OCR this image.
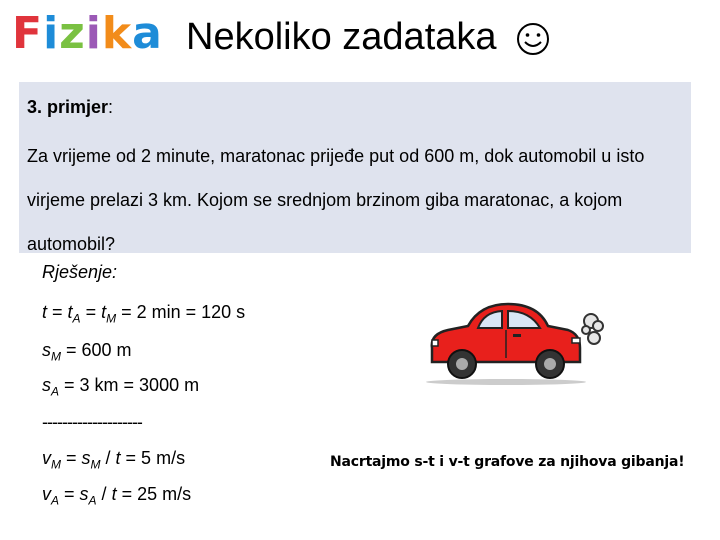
Fizika Nekoliko zadataka
3. primjer:
Za vrijeme od 2 minute, maratonac prijeđe put od 600 m, dok automobil u isto virjeme prelazi 3 km. Kojom se srednjom brzinom giba maratonac, a kojom automobil?
Rješenje:
$t = t_A = t_M = 2$ min = 120 s
$s_M = 600$ m
$s_A = 3$ km = 3000 m
--------------------
$v_M = s_M / t = 5$ m/s
$v_A = s_A / t = 25$ m/s
Nacrtajmo s-t i v-t grafove za njihova gibanja!
